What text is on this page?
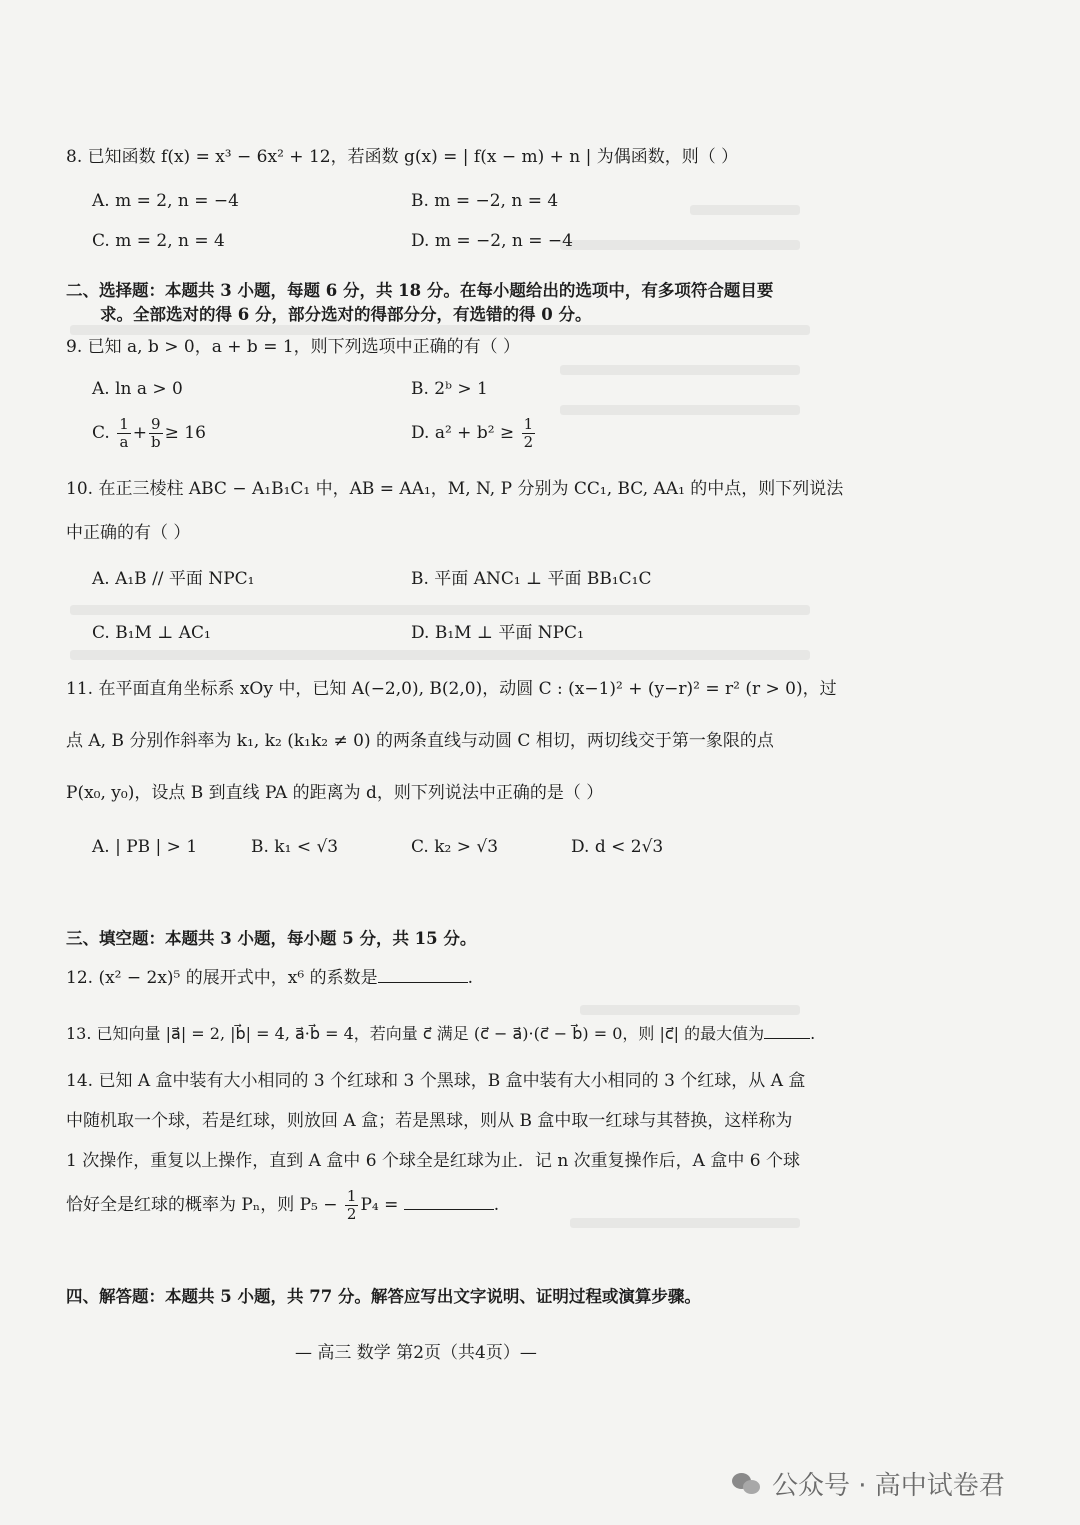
8. 已知函数 f(x) = x³ − 6x² + 12，若函数 g(x) = | f(x − m) + n | 为偶函数，则（ ）
A. m = 2, n = −4	B. m = −2, n = 4
C. m = 2, n = 4	D. m = −2, n = −4
二、选择题：本题共 3 小题，每题 6 分，共 18 分。在每小题给出的选项中，有多项符合题目要
求。全部选对的得 6 分，部分选对的得部分分，有选错的得 0 分。
9. 已知 a, b > 0，a + b = 1，则下列选项中正确的有（ ）
A. ln a > 0	B. 2ᵇ > 1
C. $\frac{1}{a} + \frac{9}{b} \ge 16$	D. $a^2 + b^2 \ge \frac{1}{2}$
10. 在正三棱柱 ABC − A₁B₁C₁ 中，AB = AA₁，M, N, P 分别为 CC₁, BC, AA₁ 的中点，则下列说法
中正确的有（ ）
A. A₁B // 平面 NPC₁	B. 平面 ANC₁ ⊥ 平面 BB₁C₁C
C. B₁M ⊥ AC₁	D. B₁M ⊥ 平面 NPC₁
11. 在平面直角坐标系 xOy 中，已知 A(−2,0), B(2,0)，动圆 C : (x−1)² + (y−r)² = r² (r > 0)，过
点 A, B 分别作斜率为 k₁, k₂ (k₁k₂ ≠ 0) 的两条直线与动圆 C 相切，两切线交于第一象限的点
P(x₀, y₀)，设点 B 到直线 PA 的距离为 d，则下列说法中正确的是（ ）
A. | PB | > 1	B. k₁ < √3	C. k₂ > √3	D. d < 2√3
三、填空题：本题共 3 小题，每小题 5 分，共 15 分。
12. (x² − 2x)⁵ 的展开式中，x⁶ 的系数是	.
13. 已知向量 |a⃗| = 2, |b⃗| = 4, a⃗·b⃗ = 4，若向量 c⃗ 满足 (c⃗ − a⃗)·(c⃗ − b⃗) = 0，则 |c⃗| 的最大值为	.
14. 已知 A 盒中装有大小相同的 3 个红球和 3 个黑球，B 盒中装有大小相同的 3 个红球，从 A 盒
中随机取一个球，若是红球，则放回 A 盒；若是黑球，则从 B 盒中取一红球与其替换，这样称为
1 次操作，重复以上操作，直到 A 盒中 6 个球全是红球为止．记 n 次重复操作后，A 盒中 6 个球
恰好全是红球的概率为 Pₙ，则 $P_5 - \frac{1}{2} P_4$ =	.
四、解答题：本题共 5 小题，共 77 分。解答应写出文字说明、证明过程或演算步骤。
— 高三 数学 第2页（共4页）—
公众号 · 高中试卷君
